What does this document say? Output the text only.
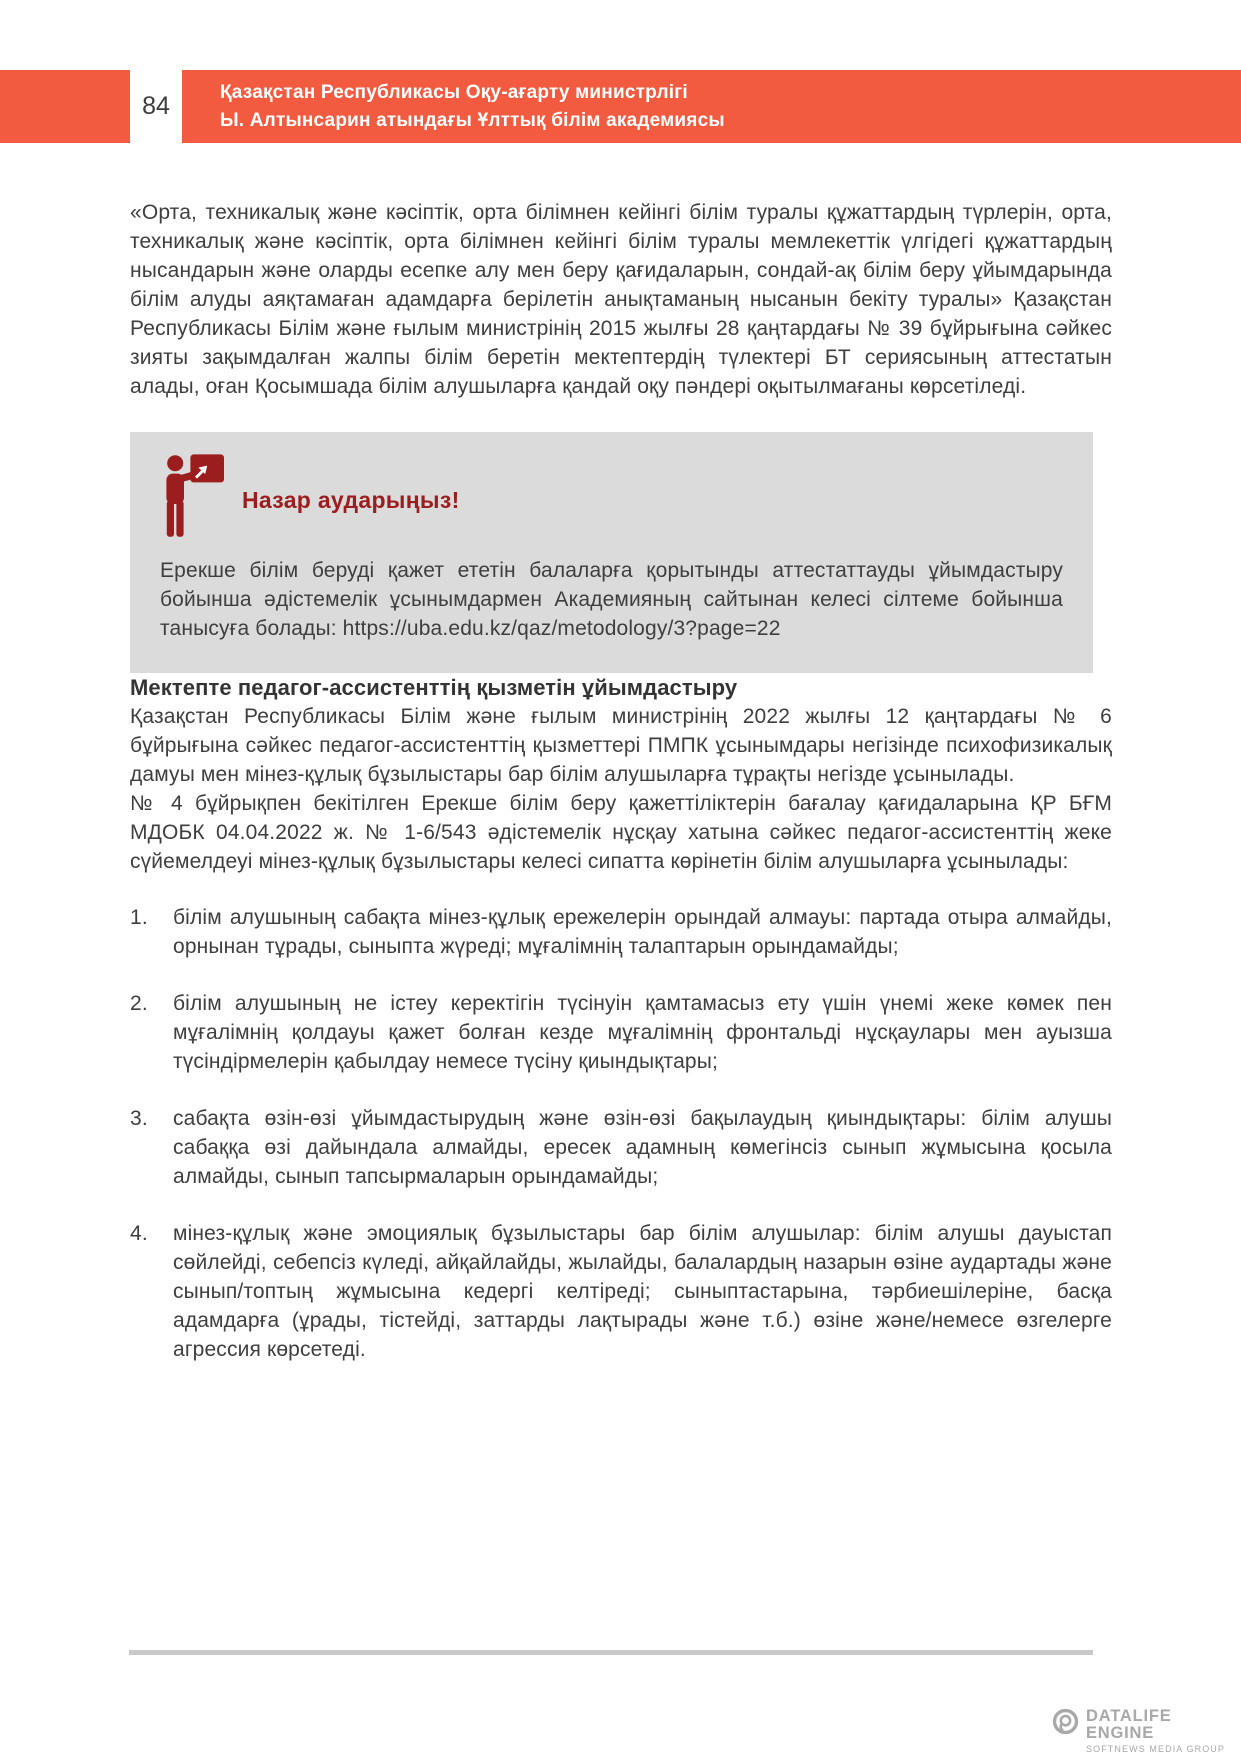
84	Қазақстан Республикасы Оқу-ағарту министрлігі
Ы. Алтынсарин атындағы Ұлттық білім академиясы

«Орта, техникалық және кәсіптік, орта білімнен кейінгі білім туралы құжаттардың түрлерін, орта, техникалық және кәсіптік, орта білімнен кейінгі білім туралы мемлекеттік үлгідегі құжаттардың нысандарын және оларды есепке алу мен беру қағидаларын, сондай-ақ білім беру ұйымдарында білім алуды аяқтамаған адамдарға берілетін анықтаманың нысанын бекіту туралы» Қазақстан Республикасы Білім және ғылым министрінің 2015 жылғы 28 қаңтардағы № 39 бұйрығына сәйкес зияты зақымдалған жалпы білім беретін мектептердің түлектері БТ сериясының аттестатын алады, оған Қосымшада білім алушыларға қандай оқу пәндері оқытылмағаны көрсетіледі.

Назар аударыңыз!

Ерекше білім беруді қажет ететін балаларға қорытынды аттестаттауды ұйымдастыру бойынша әдістемелік ұсынымдармен Академияның сайтынан келесі сілтеме бойынша танысуға болады: https://uba.edu.kz/qaz/metodology/3?page=22

Мектепте педагог-ассистенттің қызметін ұйымдастыру

Қазақстан Республикасы Білім және ғылым министрінің 2022 жылғы 12 қаңтардағы № 6 бұйрығына сәйкес педагог-ассистенттің қызметтері ПМПК ұсынымдары негізінде психофизикалық дамуы мен мінез-құлық бұзылыстары бар білім алушыларға тұрақты негізде ұсынылады.

№ 4 бұйрықпен бекітілген Ерекше білім беру қажеттіліктерін бағалау қағидаларына ҚР БҒМ МДОБК 04.04.2022 ж. № 1-6/543 әдістемелік нұсқау хатына сәйкес педагог-ассистенттің жеке сүйемелдеуі мінез-құлық бұзылыстары келесі сипатта көрінетін білім алушыларға ұсынылады:

1.	білім алушының сабақта мінез-құлық ережелерін орындай алмауы: партада отыра алмайды, орнынан тұрады, сыныпта жүреді; мұғалімнің талаптарын орындамайды;
2.	білім алушының не істеу керектігін түсінуін қамтамасыз ету үшін үнемі жеке көмек пен мұғалімнің қолдауы қажет болған кезде мұғалімнің фронтальді нұсқаулары мен ауызша түсіндірмелерін қабылдау немесе түсіну қиындықтары;
3.	сабақта өзін-өзі ұйымдастырудың және өзін-өзі бақылаудың қиындықтары: білім алушы сабаққа өзі дайындала алмайды, ересек адамның көмегінсіз сынып жұмысына қосыла алмайды, сынып тапсырмаларын орындамайды;
4.	мінез-құлық және эмоциялық бұзылыстары бар білім алушылар: білім алушы дауыстап сөйлейді, себепсіз күледі, айқайлайды, жылайды, балалардың назарын өзіне аудартады және сынып/топтың жұмысына кедергі келтіреді; сыныптастарына, тәрбиешілеріне, басқа адамдарға (ұрады, тістейді, заттарды лақтырады және т.б.) өзіне және/немесе өзгелерге агрессия көрсетеді.
DATALIFE ENGINE
SOFTNEWS MEDIA GROUP
